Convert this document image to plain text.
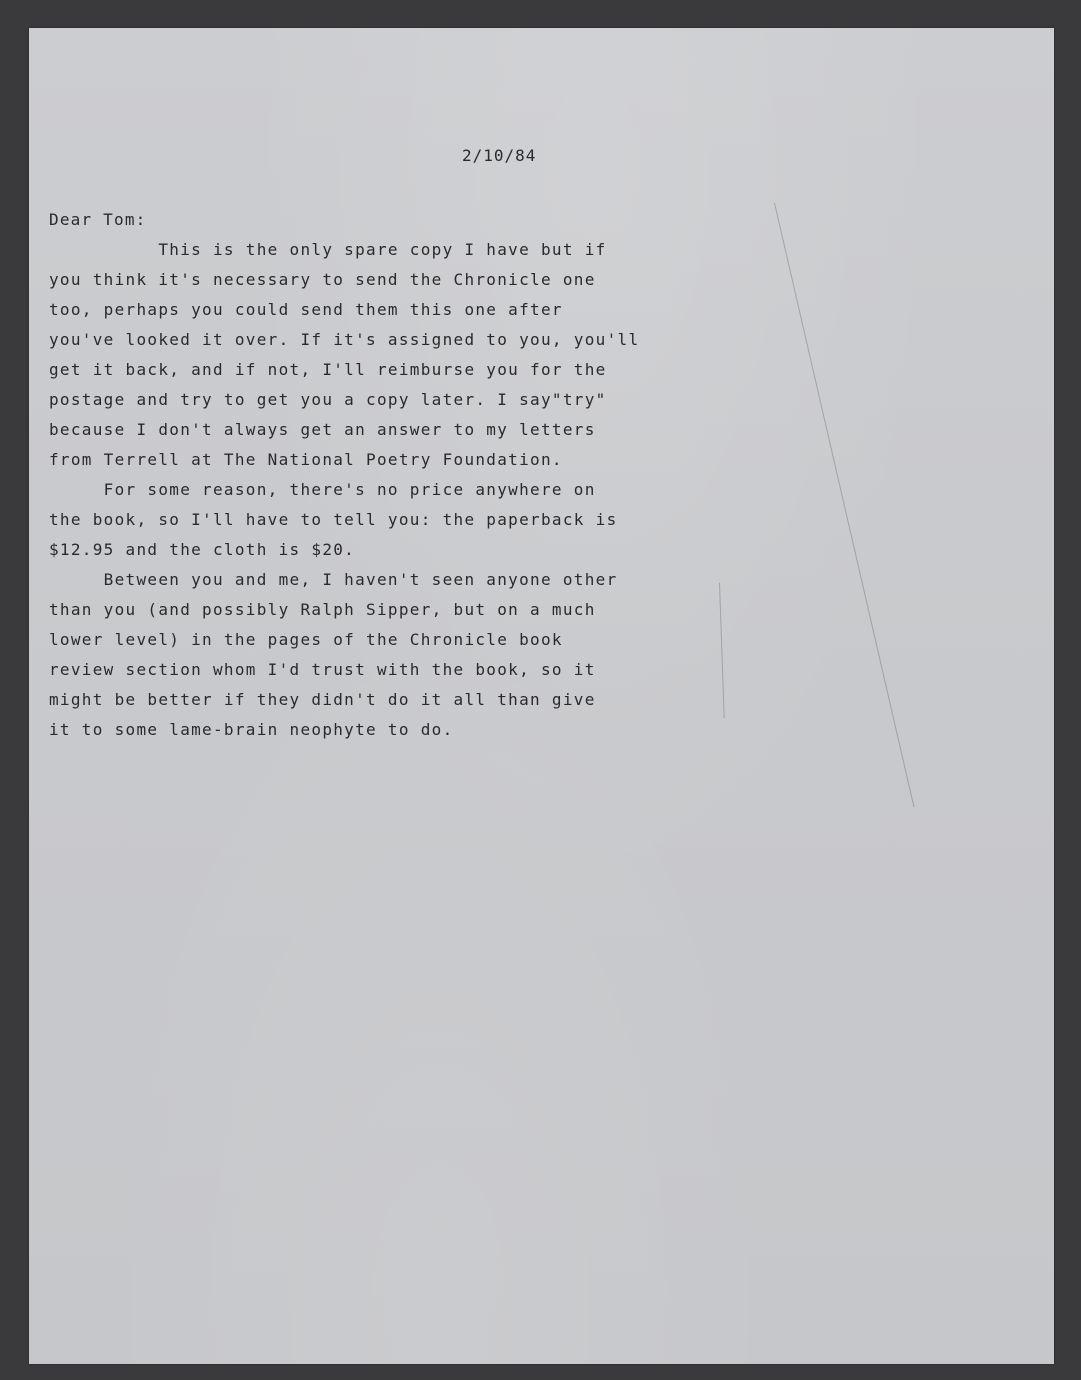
2/10/84
Dear Tom:
This is the only spare copy I have but if
you think it's necessary to send the Chronicle one
too, perhaps you could send them this one after
you've looked it over. If it's assigned to you, you'll
get it back, and if not, I'll reimburse you for the
postage and try to get you a copy later. I say"try"
because I don't always get an answer to my letters
from Terrell at The National Poetry Foundation.
For some reason, there's no price anywhere on
the book, so I'll have to tell you: the paperback is
$12.95 and the cloth is $20.
Between you and me, I haven't seen anyone other
than you (and possibly Ralph Sipper, but on a much
lower level) in the pages of the Chronicle book
review section whom I'd trust with the book, so it
might be better if they didn't do it all than give
it to some lame-brain neophyte to do.
